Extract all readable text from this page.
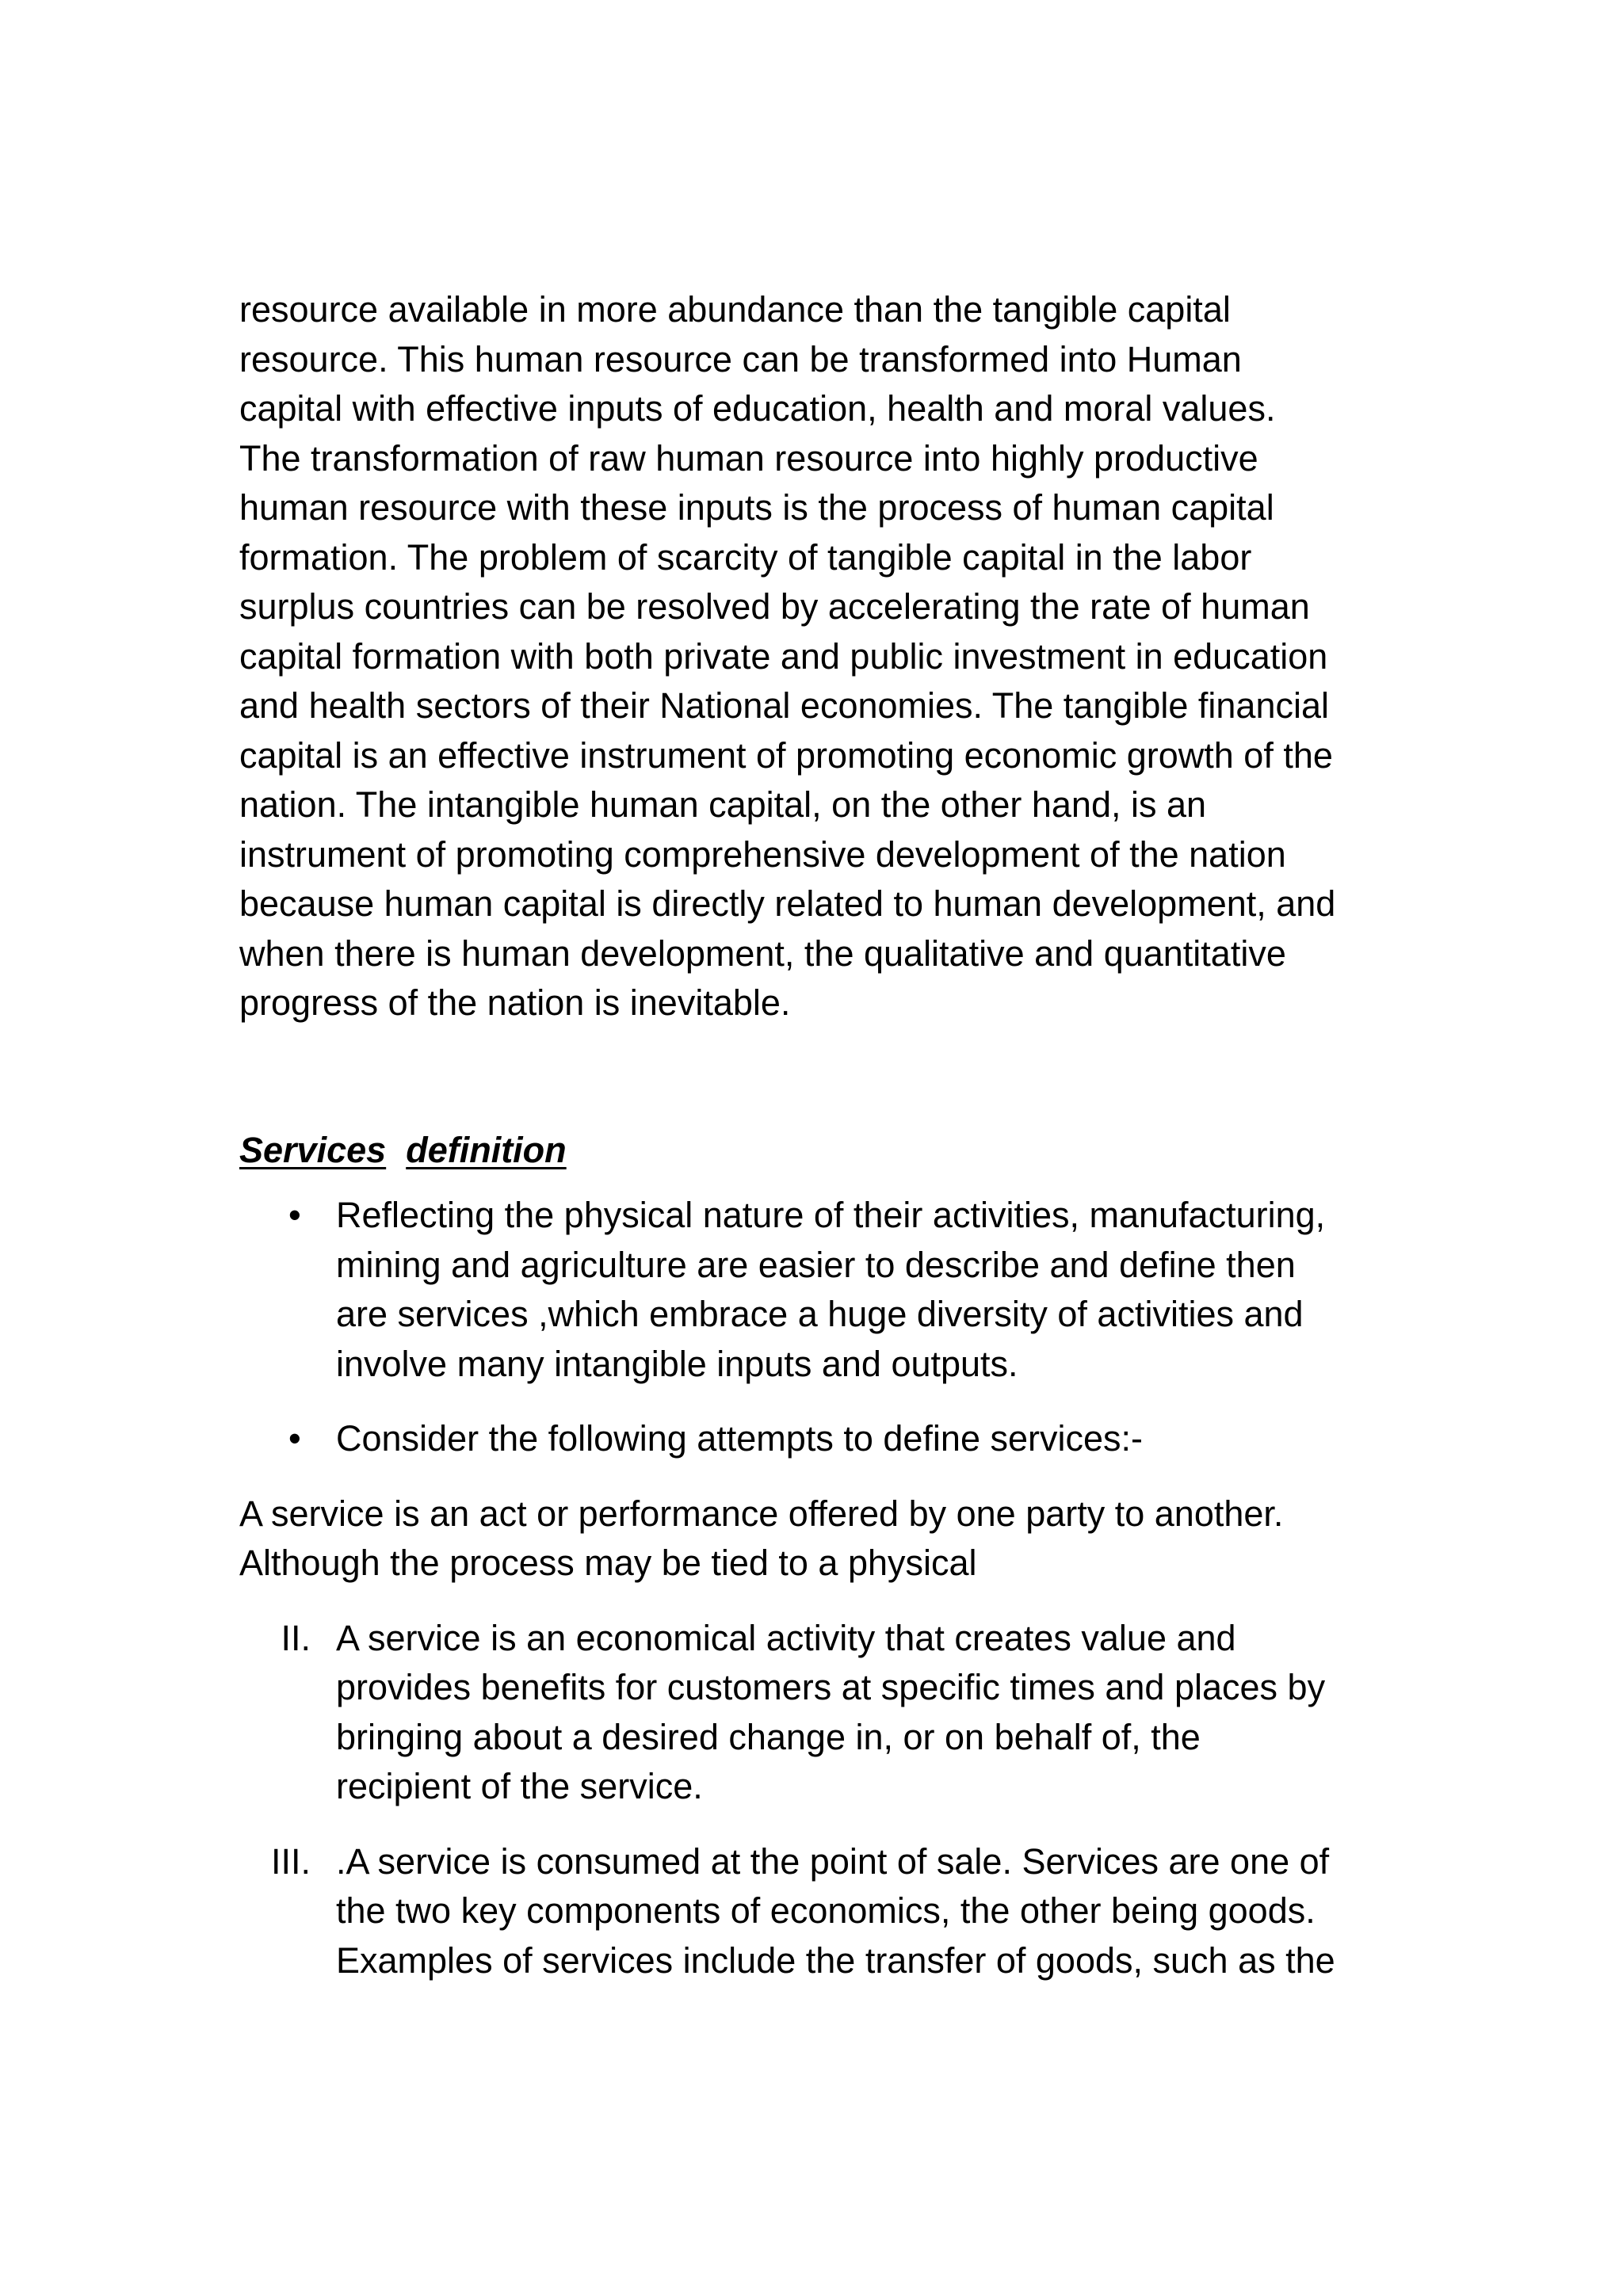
resource available in more abundance than the tangible capital
resource. This human resource can be transformed into Human
capital with effective inputs of education, health and moral values.
The transformation of raw human resource into highly productive
human resource with these inputs is the process of human capital
formation. The problem of scarcity of tangible capital in the labor
surplus countries can be resolved by accelerating the rate of human
capital formation with both private and public investment in education
and health sectors of their National economies. The tangible financial
capital is an effective instrument of promoting economic growth of the
nation. The intangible human capital, on the other hand, is an
instrument of promoting comprehensive development of the nation
because human capital is directly related to human development, and
when there is human development, the qualitative and quantitative
progress of the nation is inevitable.
Services definition
• Reflecting the physical nature of their activities, manufacturing,
mining and agriculture are easier to describe and define then
are services ,which embrace a huge diversity of activities and
involve many intangible inputs and outputs.
• Consider the following attempts to define services:-
A service is an act or performance offered by one party to another.
Although the process may be tied to a physical
II. A service is an economical activity that creates value and
provides benefits for customers at specific times and places by
bringing about a desired change in, or on behalf of, the
recipient of the service.
III. .A service is consumed at the point of sale. Services are one of
the two key components of economics, the other being goods.
Examples of services include the transfer of goods, such as the
